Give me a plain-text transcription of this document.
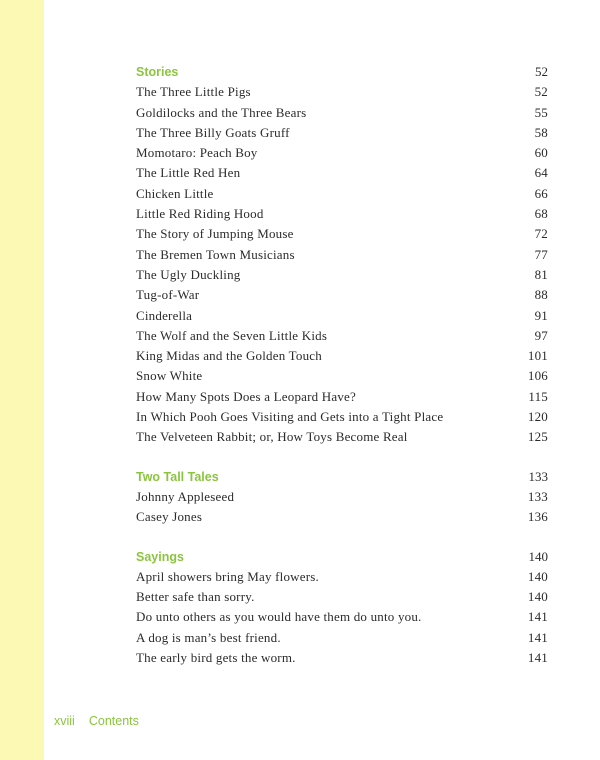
Stories	52
The Three Little Pigs	52
Goldilocks and the Three Bears	55
The Three Billy Goats Gruff	58
Momotaro: Peach Boy	60
The Little Red Hen	64
Chicken Little	66
Little Red Riding Hood	68
The Story of Jumping Mouse	72
The Bremen Town Musicians	77
The Ugly Duckling	81
Tug-of-War	88
Cinderella	91
The Wolf and the Seven Little Kids	97
King Midas and the Golden Touch	101
Snow White	106
How Many Spots Does a Leopard Have?	115
In Which Pooh Goes Visiting and Gets into a Tight Place	120
The Velveteen Rabbit; or, How Toys Become Real	125
Two Tall Tales	133
Johnny Appleseed	133
Casey Jones	136
Sayings	140
April showers bring May flowers.	140
Better safe than sorry.	140
Do unto others as you would have them do unto you.	141
A dog is man’s best friend.	141
The early bird gets the worm.	141
xviii Contents
